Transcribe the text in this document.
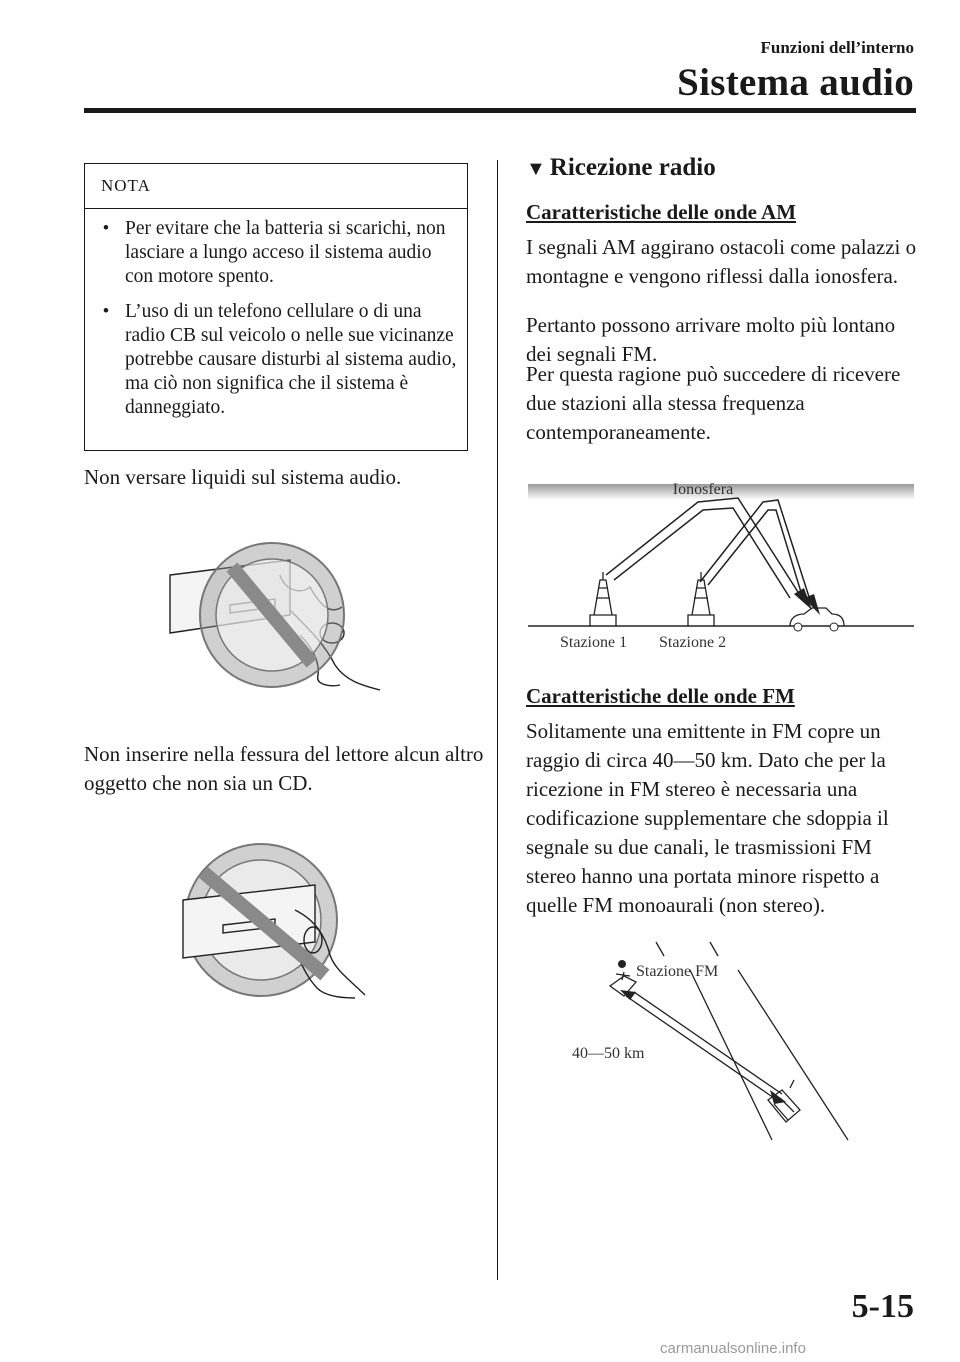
Funzioni dell’interno
Sistema audio
NOTA
• Per evitare che la batteria si scarichi, non lasciare a lungo acceso il sistema audio con motore spento.
• L’uso di un telefono cellulare o di una radio CB sul veicolo o nelle sue vicinanze potrebbe causare disturbi al sistema audio, ma ciò non significa che il sistema è danneggiato.

Non versare liquidi sul sistema audio.

Non inserire nella fessura del lettore alcun altro oggetto che non sia un CD.

▼ Ricezione radio
Caratteristiche delle onde AM

I segnali AM aggirano ostacoli come palazzi o montagne e vengono riflessi dalla ionosfera.

Pertanto possono arrivare molto più lontano dei segnali FM.

Per questa ragione può succedere di ricevere due stazioni alla stessa frequenza contemporaneamente.

Ionosfera
Stazione 1 Stazione 2
Caratteristiche delle onde FM

Solitamente una emittente in FM copre un raggio di circa 40―50 km. Dato che per la ricezione in FM stereo è necessaria una codificazione supplementare che sdoppia il segnale su due canali, le trasmissioni FM stereo hanno una portata minore rispetto a quelle FM monoaurali (non stereo).

Stazione FM
40―50 km
5-15
carmanualsonline.info
